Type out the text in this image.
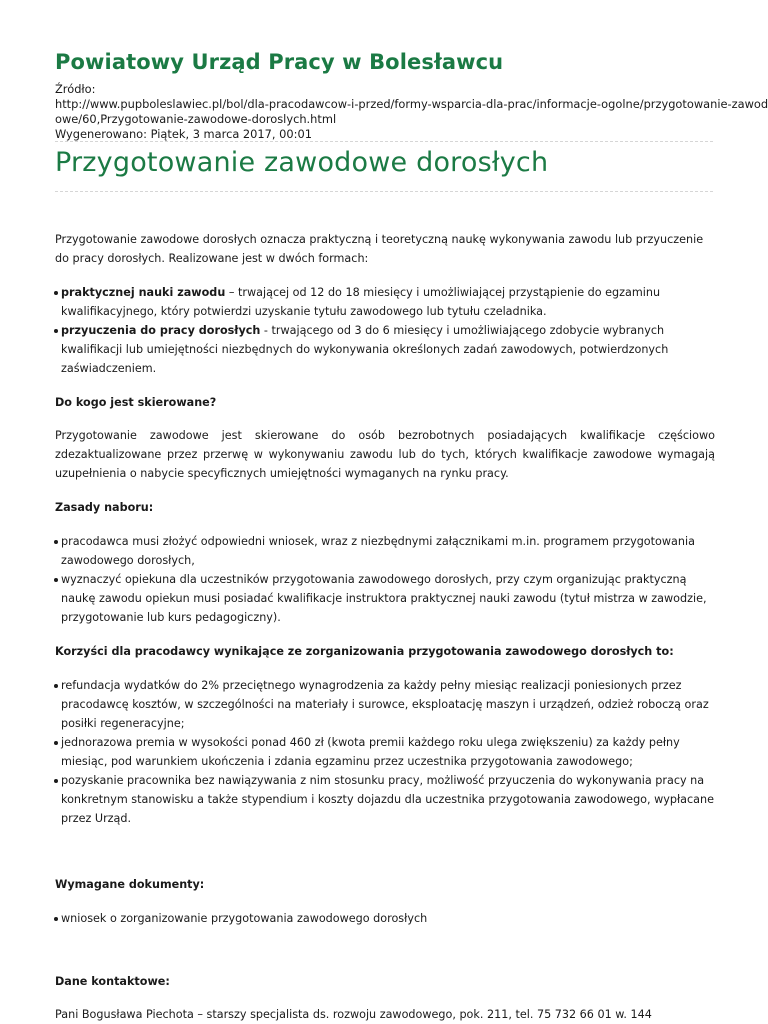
Powiatowy Urząd Pracy w Bolesławcu
Źródło:
http://www.pupboleslawiec.pl/bol/dla-pracodawcow-i-przed/formy-wsparcia-dla-prac/informacje-ogolne/przygotowanie-zawod
owe/60,Przygotowanie-zawodowe-doroslych.html
Wygenerowano: Piątek, 3 marca 2017, 00:01
Przygotowanie zawodowe dorosłych

Przygotowanie zawodowe dorosłych oznacza praktyczną i teoretyczną naukę wykonywania zawodu lub przyuczenie do pracy dorosłych. Realizowane jest w dwóch formach:

praktycznej nauki zawodu – trwającej od 12 do 18 miesięcy i umożliwiającej przystąpienie do egzaminu kwalifikacyjnego, który potwierdzi uzyskanie tytułu zawodowego lub tytułu czeladnika.
przyuczenia do pracy dorosłych - trwającego od 3 do 6 miesięcy i umożliwiającego zdobycie wybranych kwalifikacji lub umiejętności niezbędnych do wykonywania określonych zadań zawodowych, potwierdzonych zaświadczeniem.

Do kogo jest skierowane?

Przygotowanie zawodowe jest skierowane do osób bezrobotnych posiadających kwalifikacje częściowo zdezaktualizowane przez przerwę w wykonywaniu zawodu lub do tych, których kwalifikacje zawodowe wymagają uzupełnienia o nabycie specyficznych umiejętności wymaganych na rynku pracy.

Zasady naboru:

pracodawca musi złożyć odpowiedni wniosek, wraz z niezbędnymi załącznikami m.in. programem przygotowania zawodowego dorosłych,
wyznaczyć opiekuna dla uczestników przygotowania zawodowego dorosłych, przy czym organizując praktyczną naukę zawodu opiekun musi posiadać kwalifikacje instruktora praktycznej nauki zawodu (tytuł mistrza w zawodzie, przygotowanie lub kurs pedagogiczny).

Korzyści dla pracodawcy wynikające ze zorganizowania przygotowania zawodowego dorosłych to:

refundacja wydatków do 2% przeciętnego wynagrodzenia za każdy pełny miesiąc realizacji poniesionych przez pracodawcę kosztów, w szczególności na materiały i surowce, eksploatację maszyn i urządzeń, odzież roboczą oraz posiłki regeneracyjne;
jednorazowa premia w wysokości ponad 460 zł (kwota premii każdego roku ulega zwiększeniu) za każdy pełny miesiąc, pod warunkiem ukończenia i zdania egzaminu przez uczestnika przygotowania zawodowego;
pozyskanie pracownika bez nawiązywania z nim stosunku pracy, możliwość przyuczenia do wykonywania pracy na konkretnym stanowisku a także stypendium i koszty dojazdu dla uczestnika przygotowania zawodowego, wypłacane przez Urząd.

Wymagane dokumenty:

wniosek o zorganizowanie przygotowania zawodowego dorosłych

Dane kontaktowe:

Pani Bogusława Piechota – starszy specjalista ds. rozwoju zawodowego, pok. 211, tel. 75 732 66 01 w. 144
